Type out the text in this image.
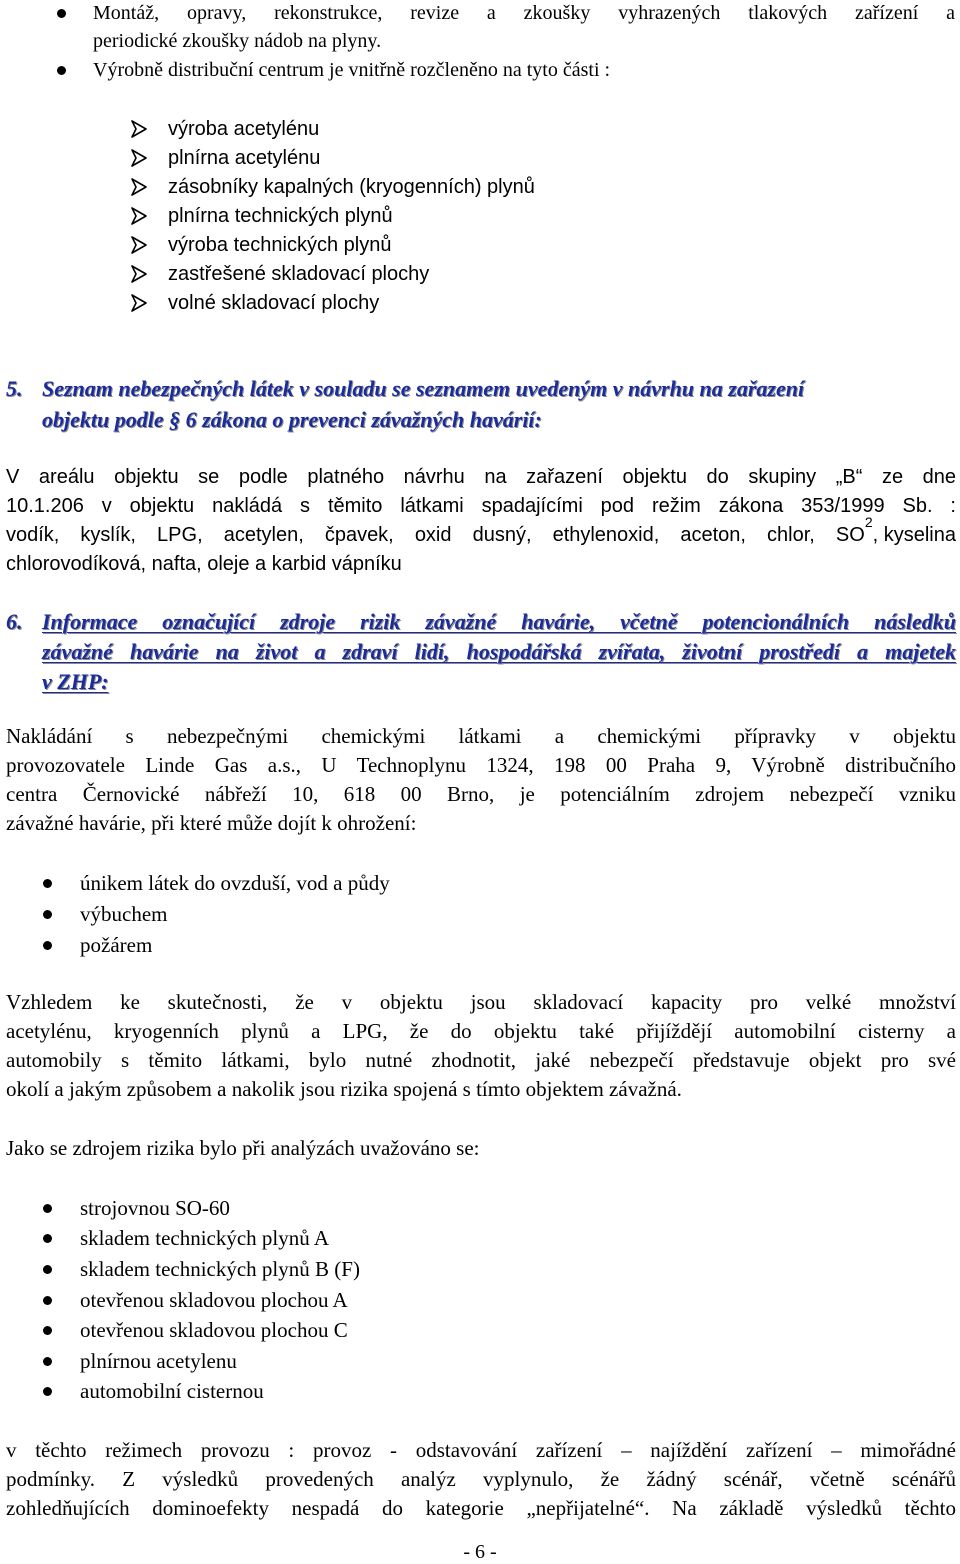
Montáž, opravy, rekonstrukce, revize a zkoušky vyhrazených tlakových zařízení a
periodické zkoušky nádob na plyny.
Výrobně distribuční centrum je vnitřně rozčleněno na tyto části :
výroba acetylénu
plnírna acetylénu
zásobníky kapalných (kryogenních) plynů
plnírna technických plynů
výroba technických plynů
zastřešené skladovací plochy
volné skladovací plochy
5. Seznam nebezpečných látek v souladu se seznamem uvedeným v návrhu na zařazení
objektu podle § 6 zákona o prevenci závažných havárií:
V areálu objektu se podle platného návrhu na zařazení objektu do skupiny „B“ ze dne
10.1.206 v objektu nakládá s těmito látkami spadajícími pod režim zákona 353/1999 Sb. :
vodík, kyslík, LPG, acetylen, čpavek, oxid dusný, ethylenoxid, aceton, chlor, SO
2
, kyselina
chlorovodíková, nafta, oleje a karbid vápníku
6. Informace označující zdroje rizik závažné havárie, včetně potencionálních následků
závažné havárie na život a zdraví lidí, hospodářská zvířata, životní prostředí a majetek
v ZHP:
Nakládání s nebezpečnými chemickými látkami a chemickými přípravky v objektu
provozovatele Linde Gas a.s., U Technoplynu 1324, 198 00 Praha 9, Výrobně distribučního
centra Černovické nábřeží 10, 618 00 Brno, je potenciálním zdrojem nebezpečí vzniku
závažné havárie, při které může dojít k ohrožení:
únikem látek do ovzduší, vod a půdy
výbuchem
požárem
Vzhledem ke skutečnosti, že v objektu jsou skladovací kapacity pro velké množství
acetylénu, kryogenních plynů a LPG, že do objektu také přijíždějí automobilní cisterny a
automobily s těmito látkami, bylo nutné zhodnotit, jaké nebezpečí představuje objekt pro své
okolí a jakým způsobem a nakolik jsou rizika spojená s tímto objektem závažná.
Jako se zdrojem rizika bylo při analýzách uvažováno se:
strojovnou SO-60
skladem technických plynů A
skladem technických plynů B (F)
otevřenou skladovou plochou A
otevřenou skladovou plochou C
plnírnou acetylenu
automobilní cisternou
v těchto režimech provozu : provoz - odstavování zařízení – najíždění zařízení – mimořádné
podmínky. Z výsledků provedených analýz vyplynulo, že žádný scénář, včetně scénářů
zohledňujících dominoefekty nespadá do kategorie „nepřijatelné“. Na základě výsledků těchto
- 6 -
